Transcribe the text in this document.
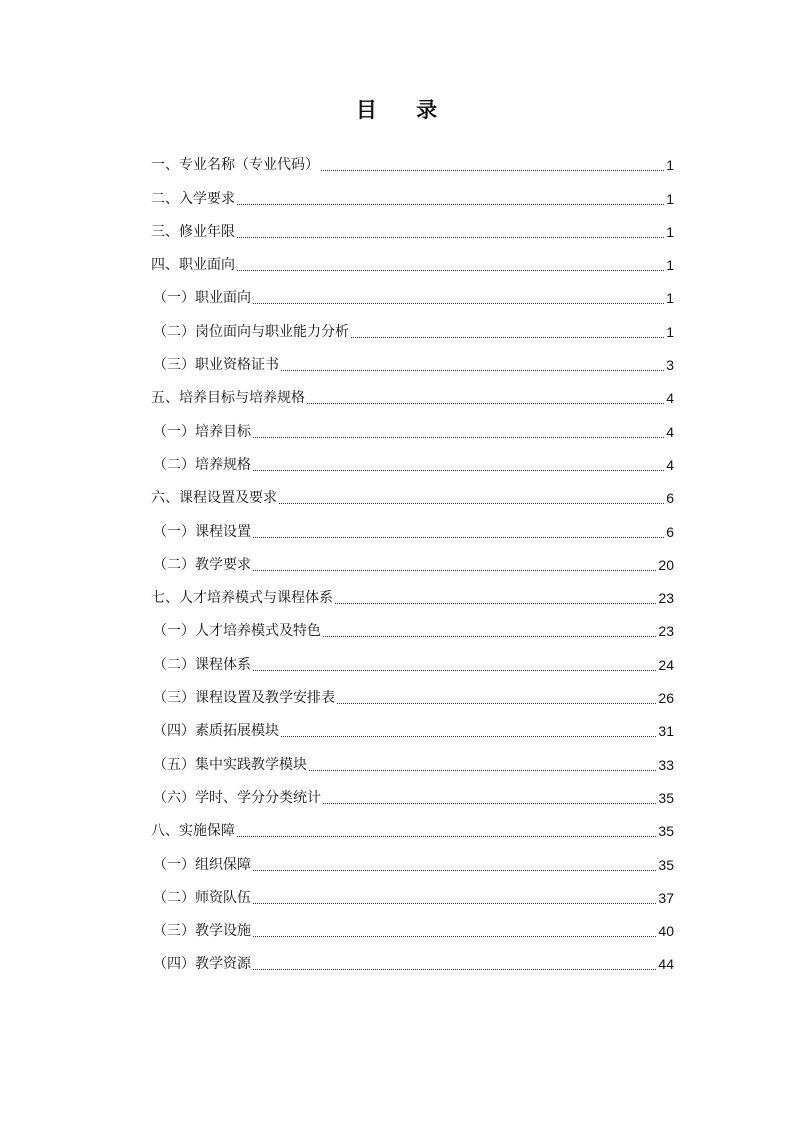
目 录
一、专业名称（专业代码）	1
二、入学要求	1
三、修业年限	1
四、职业面向	1
（一）职业面向	1
（二）岗位面向与职业能力分析	1
（三）职业资格证书	3
五、培养目标与培养规格	4
（一）培养目标	4
（二）培养规格	4
六、课程设置及要求	6
（一）课程设置	6
（二）教学要求	20
七、人才培养模式与课程体系	23
（一）人才培养模式及特色	23
（二）课程体系	24
（三）课程设置及教学安排表	26
（四）素质拓展模块	31
（五）集中实践教学模块	33
（六）学时、学分分类统计	35
八、实施保障	35
（一）组织保障	35
（二）师资队伍	37
（三）教学设施	40
（四）教学资源	44
